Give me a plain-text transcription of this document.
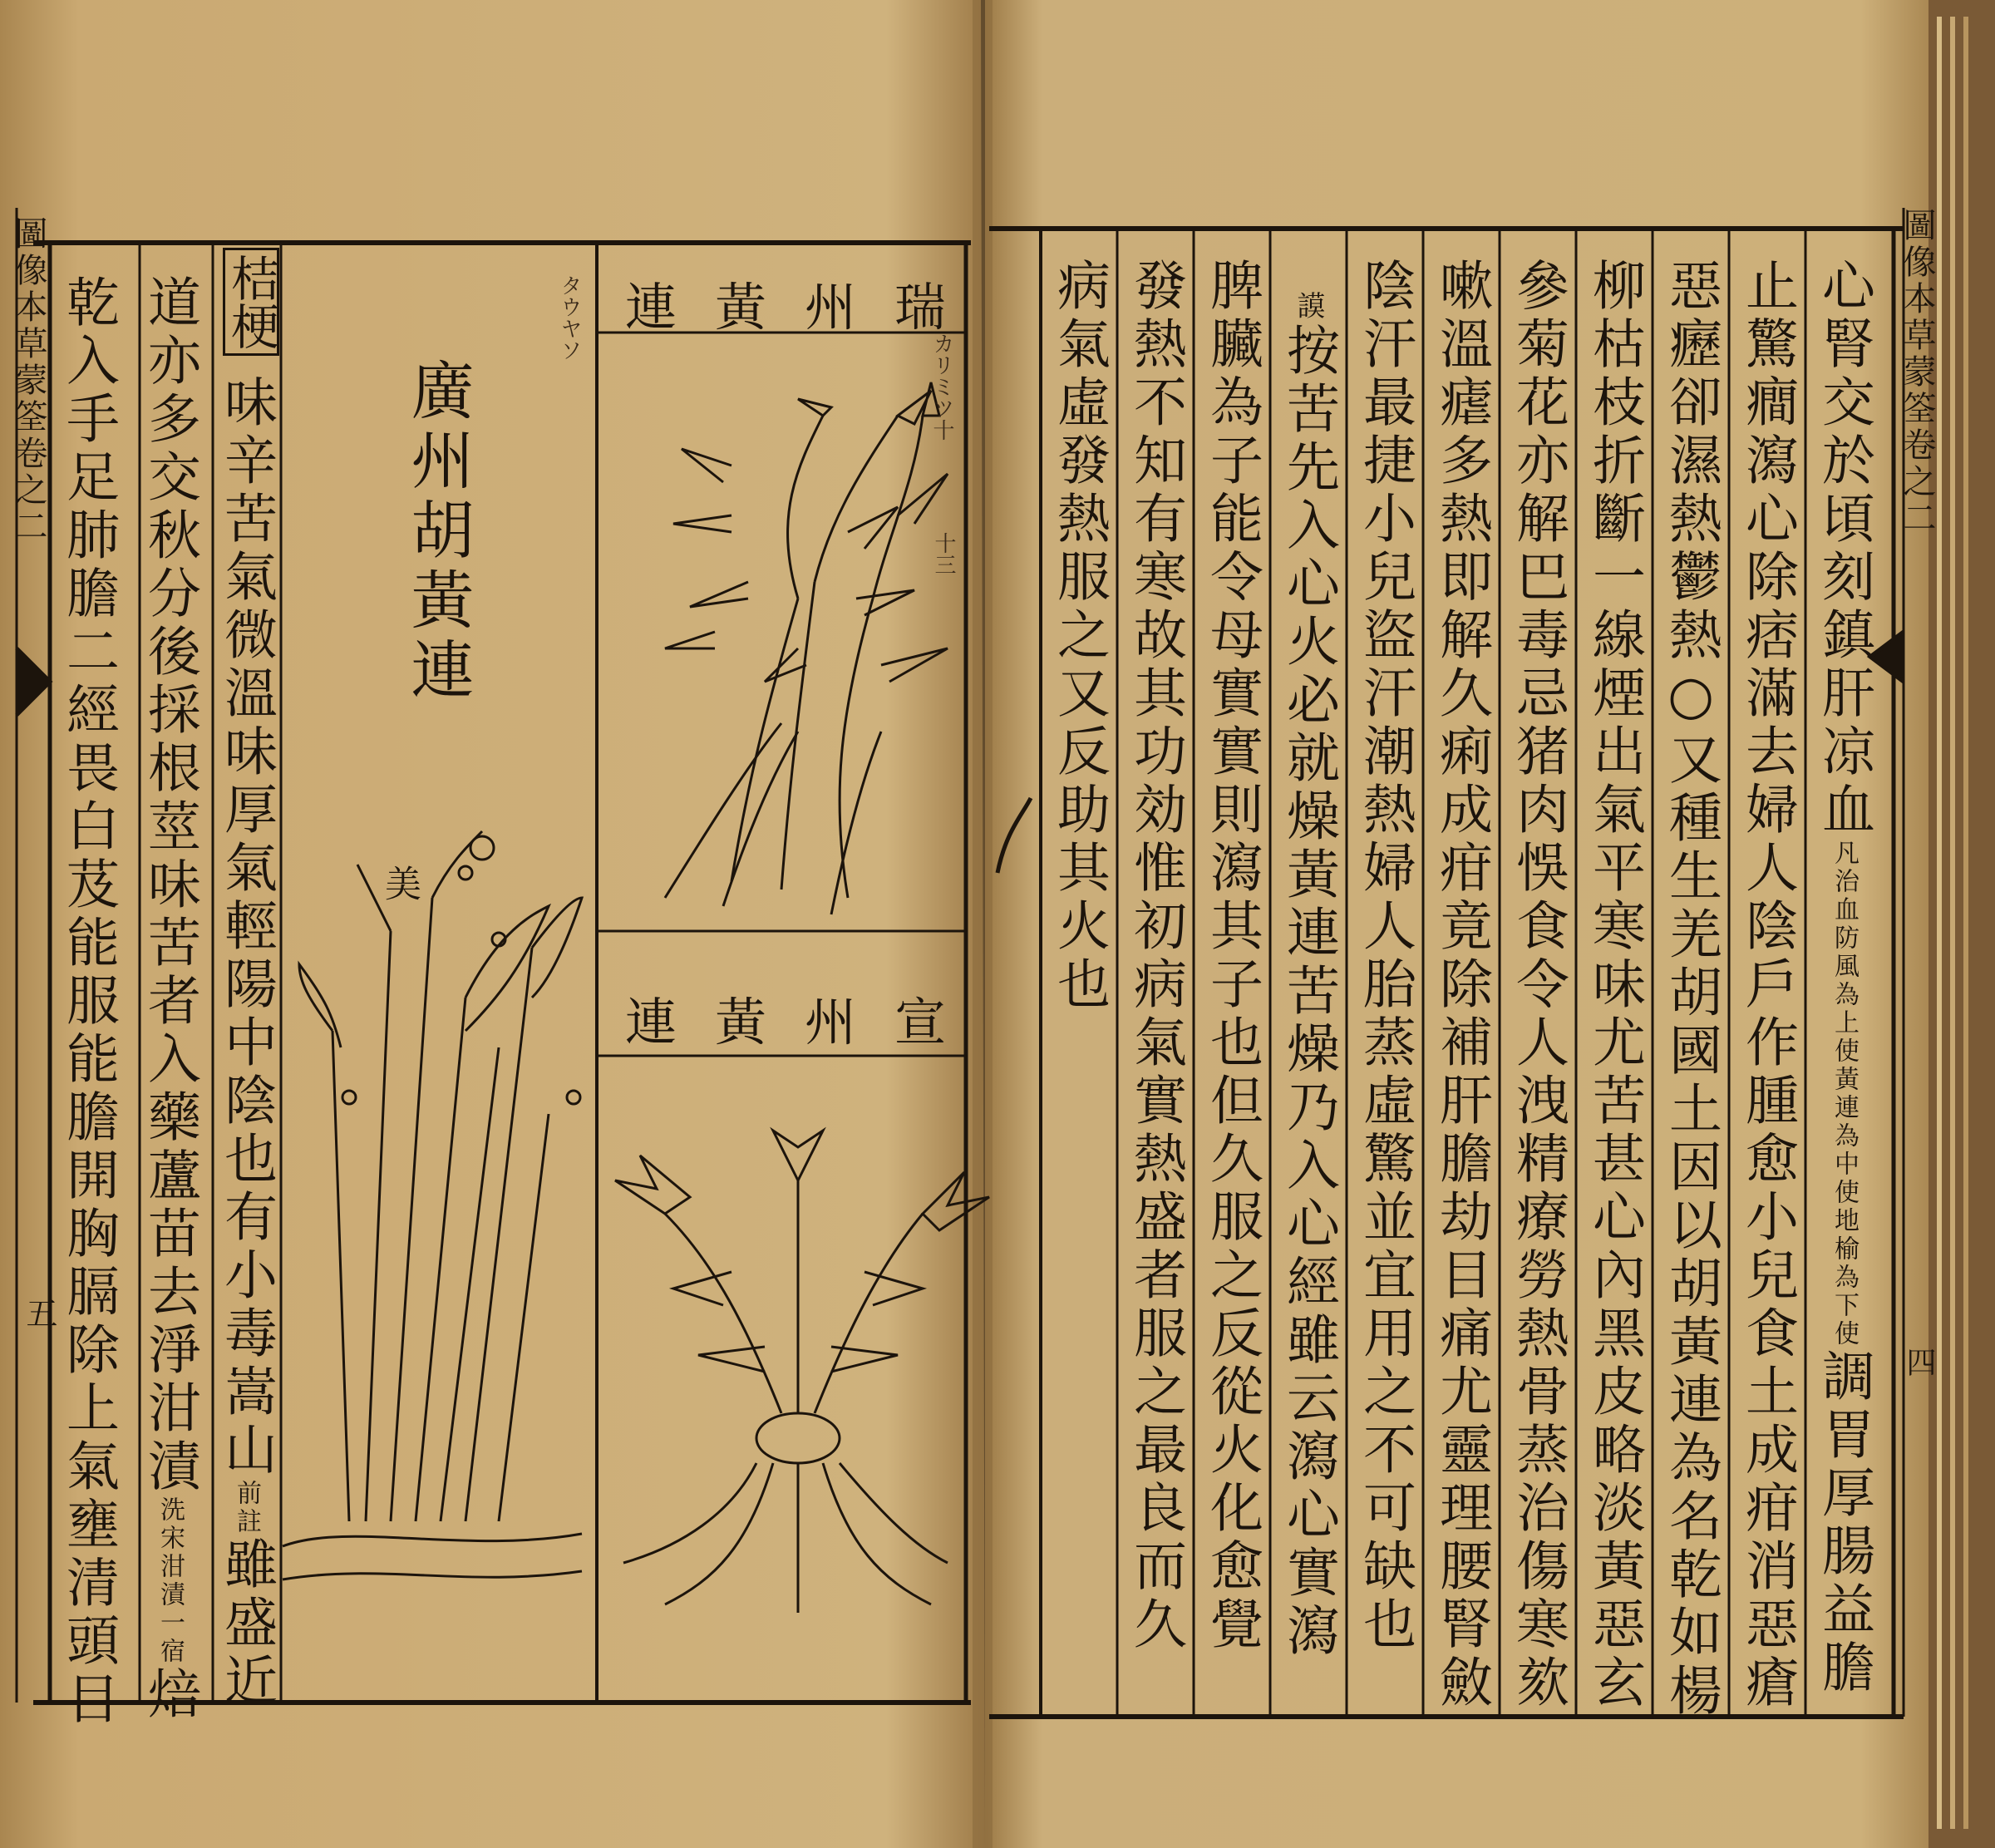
圖像本草蒙筌卷之二
五 乾入手足肺膽二經畏白芨能服能膽開胸膈除上氣壅清頭目 道亦多交秋分後採根莖味苦者入藥蘆苗去淨泔漬洗宋泔漬一宿焙
桔梗
味辛苦氣微溫味厚氣輕陽中陰也有小毒嵩山前註雖盛近
廣州胡黃連
美
タウヤソ
カリミツ十
十三
瑞州黃連
宣州黃連
圖像本草蒙筌卷之二
四
心腎交於頃刻鎮肝凉血凡治血防風為上使黃連為中使地榆為下使調胃厚腸益膽
止驚癎瀉心除痞滿去婦人陰戶作腫愈小兒食土成疳消惡瘡
惡癧卻濕熱鬱熱○又種生羌胡國土因以胡黃連為名乾如楊
柳枯枝折斷一線煙出氣平寒味尤苦甚心內黑皮略淡黃惡玄
參菊花亦解巴毒忌猪肉悞食令人洩精療勞熱骨蒸治傷寒欬
嗽溫瘧多熱即解久痢成疳竟除補肝膽劫目痛尤靈理腰腎斂
陰汗最捷小兒盜汗潮熱婦人胎蒸虛驚並宜用之不可缺也
謨按苦先入心火必就燥黃連苦燥乃入心經雖云瀉心實瀉
脾臟為子能令母實實則瀉其子也但久服之反從火化愈覺
發熱不知有寒故其功効惟初病氣實熱盛者服之最良而久
病氣虛發熱服之又反助其火也
